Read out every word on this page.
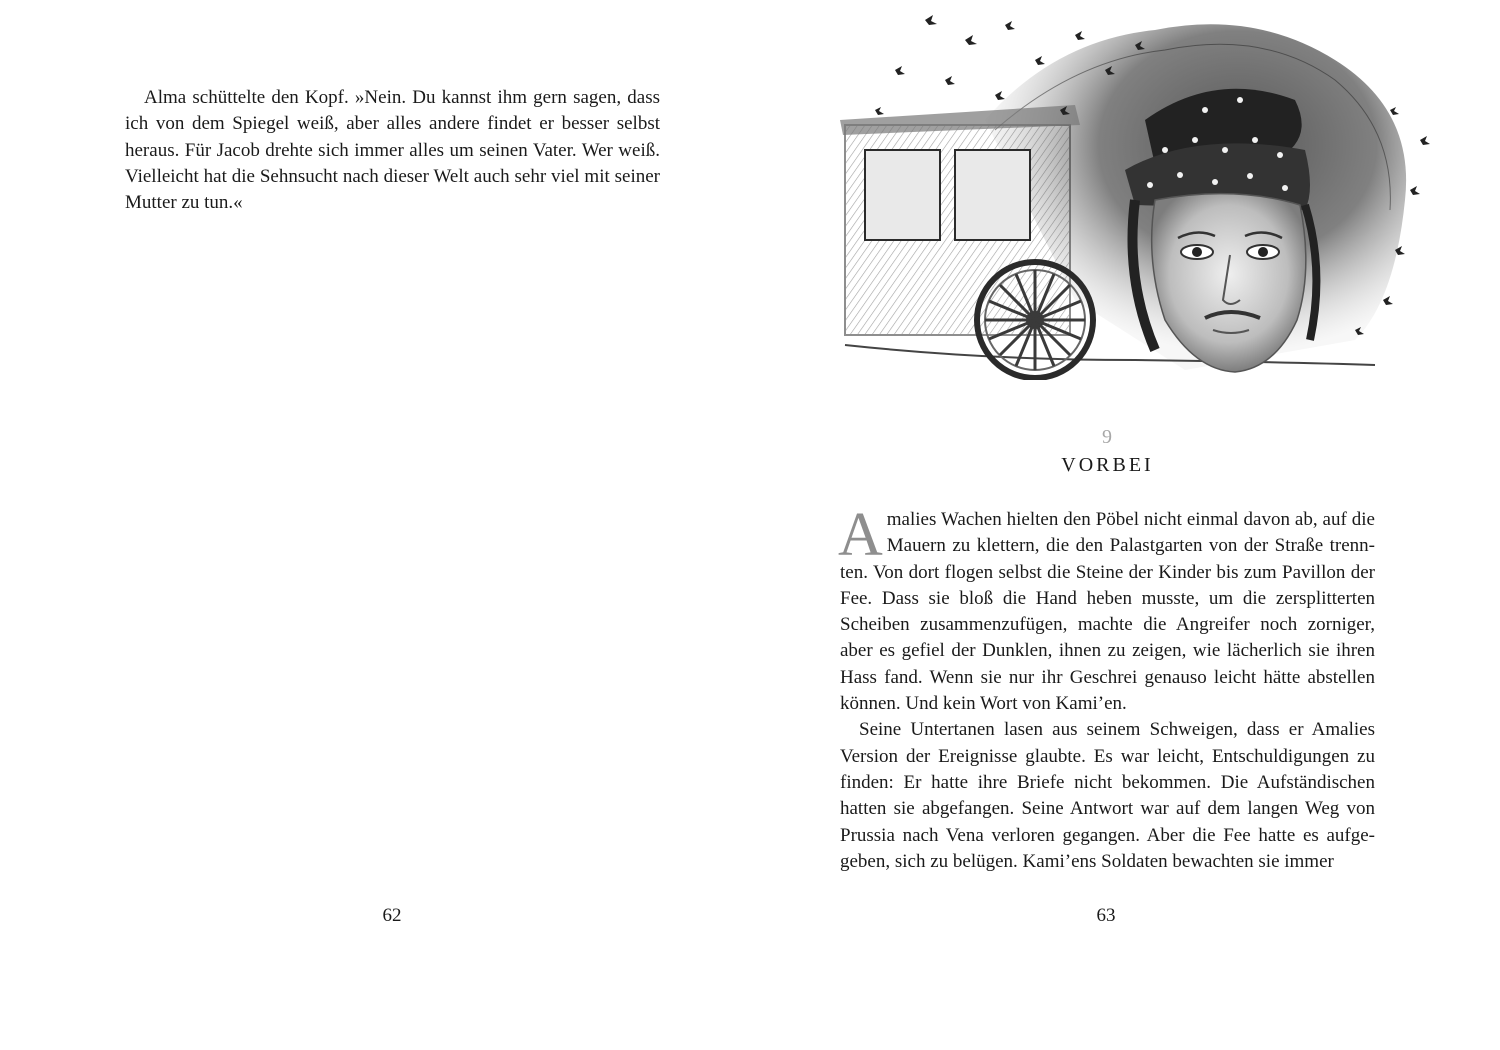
Alma schüttelte den Kopf. »Nein. Du kannst ihm gern sagen, dass ich von dem Spiegel weiß, aber alles andere findet er besser selbst heraus. Für Jacob drehte sich immer alles um seinen Vater. Wer weiß. Vielleicht hat die Sehnsucht nach dieser Welt auch sehr viel mit seiner Mutter zu tun.«

62
9
VORBEI

Amalies Wachen hielten den Pöbel nicht einmal davon ab, auf die Mauern zu klettern, die den Palastgarten von der Straße trennten. Von dort flogen selbst die Steine der Kinder bis zum Pavillon der Fee. Dass sie bloß die Hand heben musste, um die zersplitterten Scheiben zusammenzufügen, machte die Angreifer noch zorniger, aber es gefiel der Dunklen, ihnen zu zeigen, wie lächerlich sie ihren Hass fand. Wenn sie nur ihr Geschrei genauso leicht hätte abstellen können. Und kein Wort von Kami’en.

Seine Untertanen lasen aus seinem Schweigen, dass er Amalies Version der Ereignisse glaubte. Es war leicht, Entschuldigungen zu finden: Er hatte ihre Briefe nicht bekommen. Die Aufständischen hatten sie abgefangen. Seine Antwort war auf dem langen Weg von Prussia nach Vena verloren gegangen. Aber die Fee hatte es aufgegeben, sich zu belügen. Kami’ens Soldaten bewachten sie immer

63
